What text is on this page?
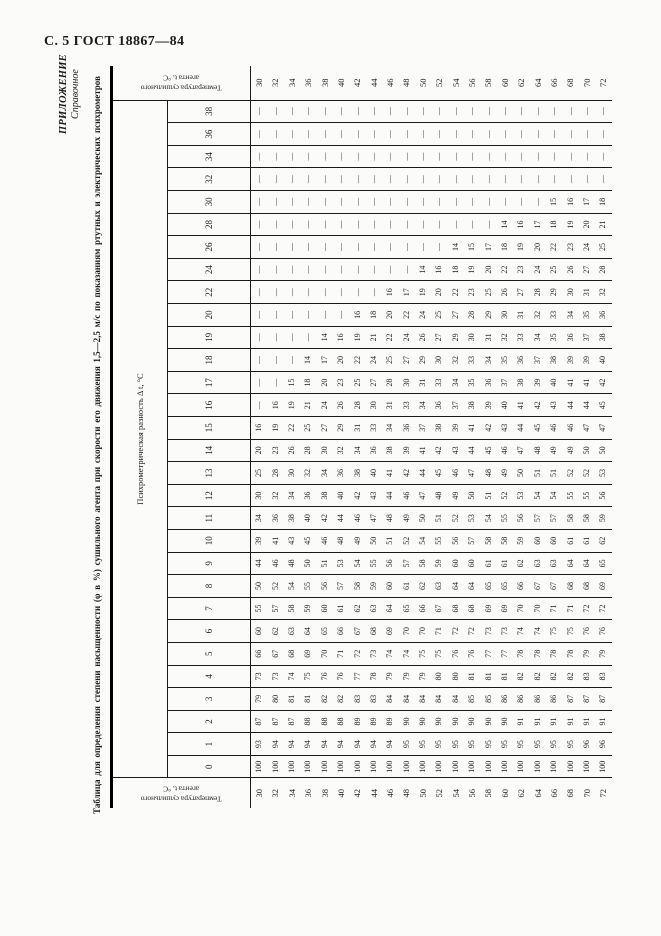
С. 5 ГОСТ 18867—84
ПРИЛОЖЕНИЕ Справочное Таблица для определения степени насыщенности (φ в %) сушильного агента при скорости его движения 1,5—2,5 м/с по показаниям ртутных и электрических психрометров	Температура сушильного
агента t, °С
	Психрометрическая разность Δ t, °С	
Температура сушильного
агента t, °С

	0	1	2	3	4	5	6	7	8	9	10	11	12	13	14	15	16	17	18	19	20	22	24	26	28	30	32	34	36	38	
30	100	93	87	79	73	66	60	55	50	44	39	34	30	25	20	16	—	—	—	—	—	—	—	—	—	—	—	—	—	—	30
32	100	94	87	80	73	67	62	57	52	46	41	36	32	28	23	19	16	—	—	—	—	—	—	—	—	—	—	—	—	—	32
34	100	94	87	81	74	68	63	58	54	48	43	38	34	30	26	22	19	15	—	—	—	—	—	—	—	—	—	—	—	—	34
36	100	94	88	81	75	69	64	59	55	50	45	40	36	32	28	25	21	18	14	—	—	—	—	—	—	—	—	—	—	—	36
38	100	94	88	82	76	70	65	60	56	51	46	42	38	34	30	27	24	20	17	14	—	—	—	—	—	—	—	—	—	—	38
40	100	94	88	82	76	71	66	61	57	53	48	44	40	36	32	29	26	23	20	16	—	—	—	—	—	—	—	—	—	—	40
42	100	94	89	83	77	72	67	62	58	54	49	46	42	38	34	31	28	25	22	19	16	—	—	—	—	—	—	—	—	—	42
44	100	94	89	83	78	73	68	63	59	55	50	47	43	40	36	33	30	27	24	21	18	—	—	—	—	—	—	—	—	—	44
46	100	94	89	84	79	74	69	64	60	56	51	48	44	41	38	34	31	28	25	22	20	16	—	—	—	—	—	—	—	—	46
48	100	95	90	84	79	74	70	65	61	57	52	49	46	42	39	36	33	30	27	24	22	17	—	—	—	—	—	—	—	—	48
50	100	95	90	84	79	75	70	66	62	58	54	50	47	44	41	37	34	31	29	26	24	19	14	—	—	—	—	—	—	—	50
52	100	95	90	84	80	75	71	67	63	59	55	51	48	45	42	38	36	33	30	27	25	20	16	—	—	—	—	—	—	—	52
54	100	95	90	84	80	76	72	68	64	60	56	52	49	46	43	39	37	34	32	29	27	22	18	14	—	—	—	—	—	—	54
56	100	95	90	85	81	76	72	68	64	60	57	53	50	47	44	41	38	35	33	30	28	23	19	15	—	—	—	—	—	—	56
58	100	95	90	85	81	77	73	69	65	61	58	54	51	48	45	42	39	36	34	31	29	25	20	17	—	—	—	—	—	—	58
60	100	95	90	86	81	77	73	69	65	61	58	55	52	49	46	43	40	37	35	32	30	26	22	18	14	—	—	—	—	—	60
62	100	95	91	86	82	78	74	70	66	62	59	56	53	50	47	44	41	38	36	33	31	27	23	19	16	—	—	—	—	—	62
64	100	95	91	86	82	78	74	70	67	63	60	57	54	51	48	45	42	39	37	34	32	28	24	20	17	—	—	—	—	—	64
66	100	95	91	86	82	78	75	71	67	63	60	57	54	51	49	46	43	40	38	35	33	29	25	22	18	15	—	—	—	—	66
68	100	95	91	87	82	78	75	71	68	64	61	58	55	52	49	46	44	41	39	36	34	30	26	23	19	16	—	—	—	—	68
70	100	96	91	87	83	79	76	72	68	64	61	58	55	52	50	47	44	41	39	37	35	31	27	24	20	17	—	—	—	—	70
72	100	96	91	87	83	79	76	72	69	65	62	59	56	53	50	47	45	42	40	38	36	32	28	25	21	18	—	—	—	—	72
